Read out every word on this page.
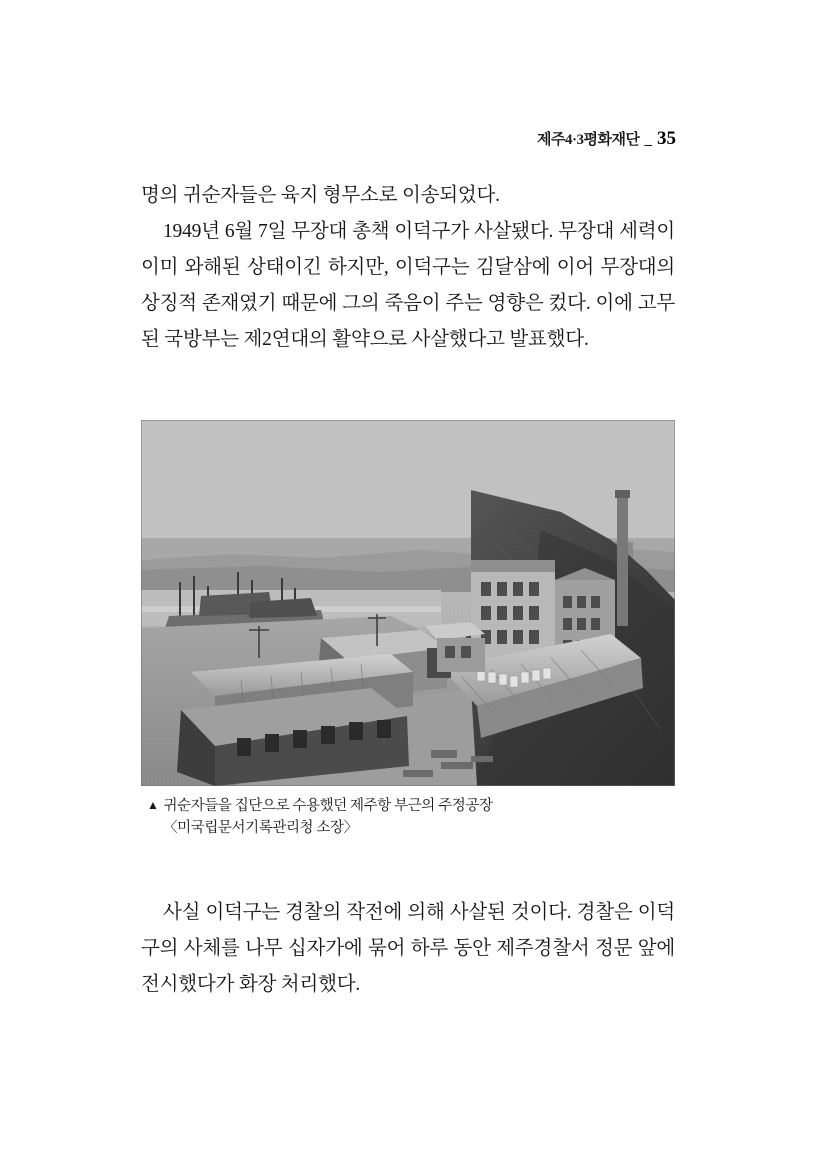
제주4·3평화재단 _ 35

명의 귀순자들은 육지 형무소로 이송되었다.

1949년 6월 7일 무장대 총책 이덕구가 사살됐다. 무장대 세력이 이미 와해된 상태이긴 하지만, 이덕구는 김달삼에 이어 무장대의 상징적 존재였기 때문에 그의 죽음이 주는 영향은 컸다. 이에 고무된 국방부는 제2연대의 활약으로 사살했다고 발표했다.

▲ 귀순자들을 집단으로 수용했던 제주항 부근의 주정공장
〈미국립문서기록관리청 소장〉

사실 이덕구는 경찰의 작전에 의해 사살된 것이다. 경찰은 이덕구의 사체를 나무 십자가에 묶어 하루 동안 제주경찰서 정문 앞에 전시했다가 화장 처리했다.
